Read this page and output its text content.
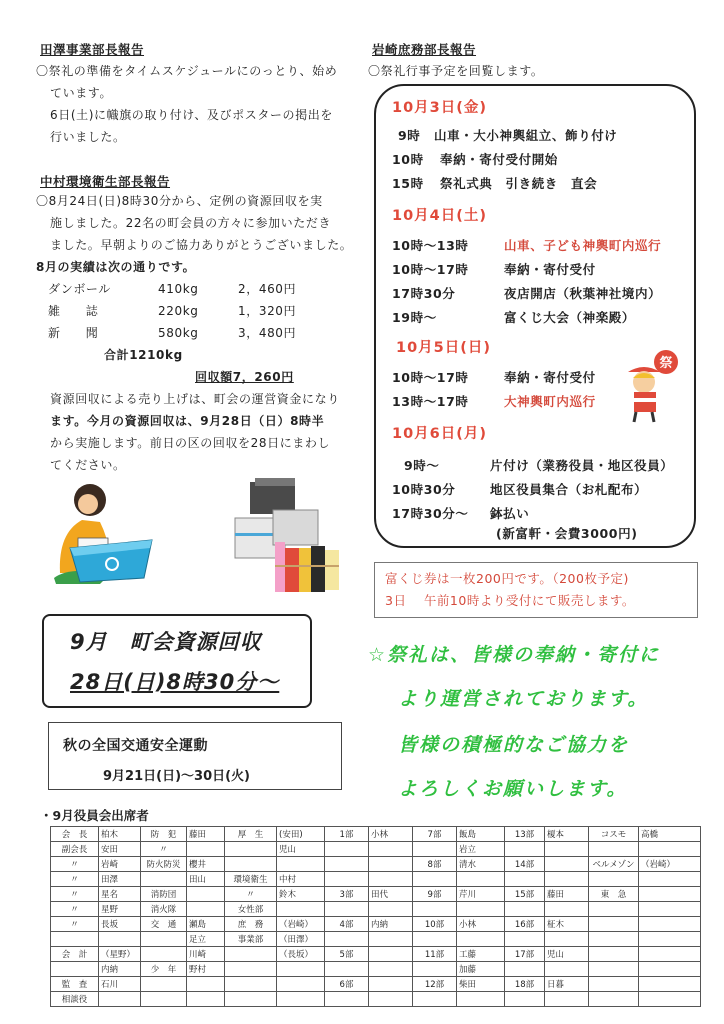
田澤事業部長報告
〇祭礼の準備をタイムスケジュールにのっとり、始め
ています。
6日(土)に幟旗の取り付け、及びポスターの掲出を
行いました。
中村環境衛生部長報告
〇8月24日(日)8時30分から、定例の資源回収を実
施しました。22名の町会員の方々に参加いただき
ました。早朝よりのご協力ありがとうございました。
8月の実績は次の通りです。
ダンボール	410kg	2，460円
雑　　誌	220kg	1，320円
新　　聞	580kg	3，480円
合計1210kg
回収額7，260円
資源回収による売り上げは、町会の運営資金になり
ます。今月の資源回収は、9月28日（日）8時半
から実施します。前日の区の回収を28日にまわし
てください。
9月　町会資源回収
28日(日)8時30分～
秋の全国交通安全運動
9月21日(日)～30日(火)
岩崎庶務部長報告
〇祭礼行事予定を回覧します。
10月3日(金)
9時 山車・大小神輿組立、飾り付け
10時 奉納・寄付受付開始
15時 祭礼式典　引き続き　直会
10月4日(土)
10時～13時	山車、子ども神輿町内巡行
10時～17時	奉納・寄付受付
17時30分	夜店開店（秋葉神社境内）
19時～	富くじ大会（神楽殿）
10月5日(日)
10時～17時	奉納・寄付受付
13時～17時	大神輿町内巡行
祭
10月6日(月)
9時～	片付け（業務役員・地区役員）
10時30分	地区役員集合（お札配布）
17時30分～ 鉢払い
(新富軒・会費3000円)
富くじ券は一枚200円です。（200枚予定)
3日　 午前10時より受付にて販売します。
☆祭礼は、皆様の奉納・寄付に
より運営されております。
皆様の積極的なご協力を
よろしくお願いします。
・9月役員会出席者
会　長	柏木	防　犯	藤田	厚　生	(安田)	1部	小林	7部	飯島	13部	榎本	コスモ	高橋
副会長	安田	〃			児山				岩立				
〃	岩崎	防火防災	櫻井					8部	清水	14部		ベルメゾン	（岩崎）
〃	田澤		田山	環境衛生	中村								
〃	星名	消防団		〃	鈴木	3部	田代	9部	芹川	15部	藤田	東　急	
〃	星野	消火隊		女性部									
〃	長坂	交　通	瀬島	庶　務	（岩崎）	4部	内納	10部	小林	16部	柾木		
			足立	事業部	（田澤）								
会　計	（星野）		川崎		（長坂）	5部		11部	工藤	17部	児山		
	内納	少　年	野村						加藤				
監　査	石川					6部		12部	柴田	18部	日暮		
相談役													
